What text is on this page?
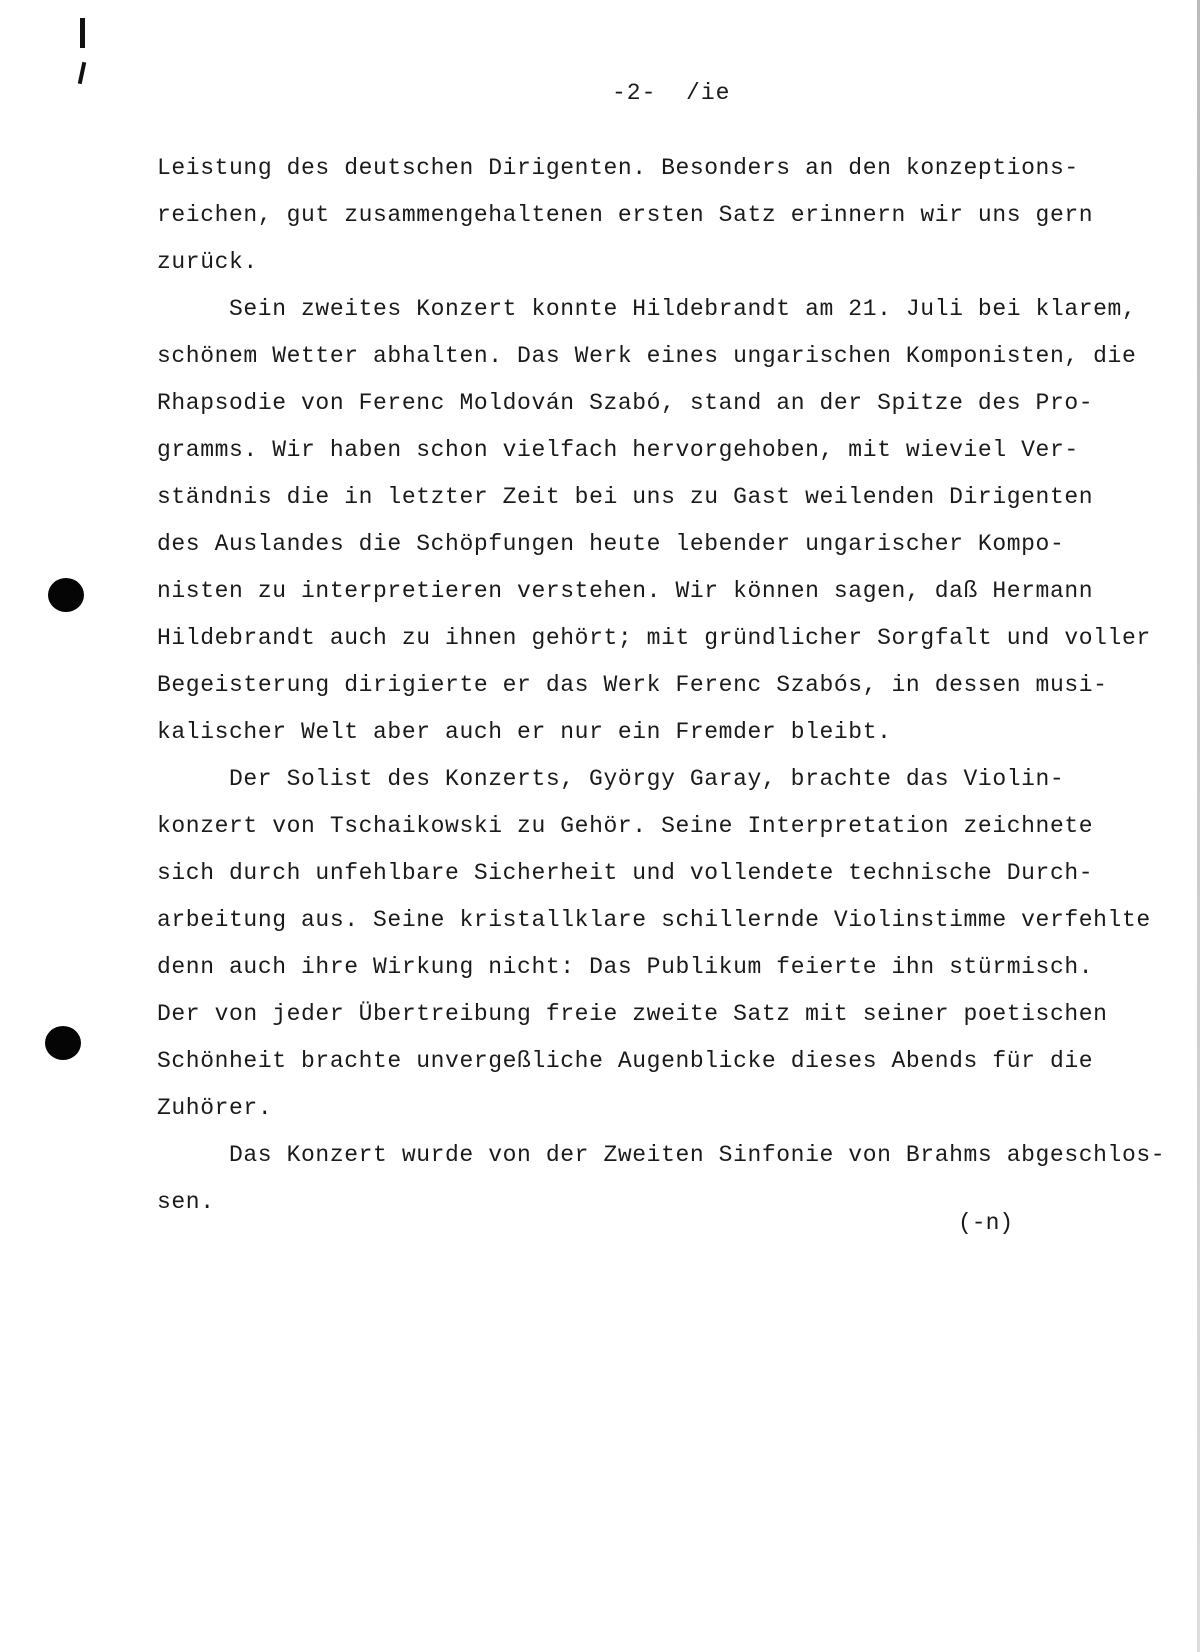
-2-  /ie
Leistung des deutschen Dirigenten. Besonders an den konzeptions-
reichen, gut zusammengehaltenen ersten Satz erinnern wir uns gern
zurück.
Sein zweites Konzert konnte Hildebrandt am 21. Juli bei klarem,
schönem Wetter abhalten. Das Werk eines ungarischen Komponisten, die
Rhapsodie von Ferenc Moldován Szabó, stand an der Spitze des Pro-
gramms. Wir haben schon vielfach hervorgehoben, mit wieviel Ver-
ständnis die in letzter Zeit bei uns zu Gast weilenden Dirigenten
des Auslandes die Schöpfungen heute lebender ungarischer Kompo-
nisten zu interpretieren verstehen. Wir können sagen, daß Hermann
Hildebrandt auch zu ihnen gehört; mit gründlicher Sorgfalt und voller
Begeisterung dirigierte er das Werk Ferenc Szabós, in dessen musi-
kalischer Welt aber auch er nur ein Fremder bleibt.
Der Solist des Konzerts, György Garay, brachte das Violin-
konzert von Tschaikowski zu Gehör. Seine Interpretation zeichnete
sich durch unfehlbare Sicherheit und vollendete technische Durch-
arbeitung aus. Seine kristallklare schillernde Violinstimme verfehlte
denn auch ihre Wirkung nicht: Das Publikum feierte ihn stürmisch.
Der von jeder Übertreibung freie zweite Satz mit seiner poetischen
Schönheit brachte unvergeßliche Augenblicke dieses Abends für die
Zuhörer.
Das Konzert wurde von der Zweiten Sinfonie von Brahms abgeschlos-
sen.
(-n)
